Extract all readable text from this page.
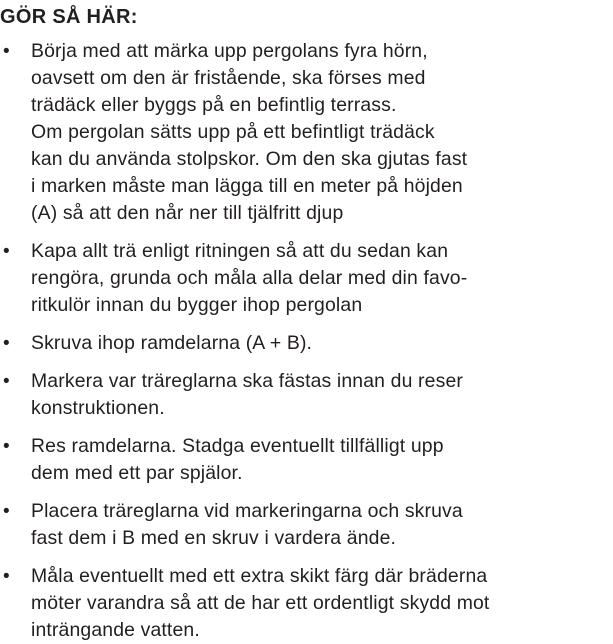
GÖR SÅ HÄR:
• Börja med att märka upp pergolans fyra hörn,
oavsett om den är fristående, ska förses med
trädäck eller byggs på en befintlig terrass.
Om pergolan sätts upp på ett befintligt trädäck
kan du använda stolpskor. Om den ska gjutas fast
i marken måste man lägga till en meter på höjden
(A) så att den når ner till tjälfritt djup
• Kapa allt trä enligt ritningen så att du sedan kan
rengöra, grunda och måla alla delar med din favo-
ritkulör innan du bygger ihop pergolan
• Skruva ihop ramdelarna (A + B).
• Markera var träreglarna ska fästas innan du reser
konstruktionen.
• Res ramdelarna. Stadga eventuellt tillfälligt upp
dem med ett par spjälor.
• Placera träreglarna vid markeringarna och skruva
fast dem i B med en skruv i vardera ände.
• Måla eventuellt med ett extra skikt färg där bräderna
möter varandra så att de har ett ordentligt skydd mot
inträngande vatten.
